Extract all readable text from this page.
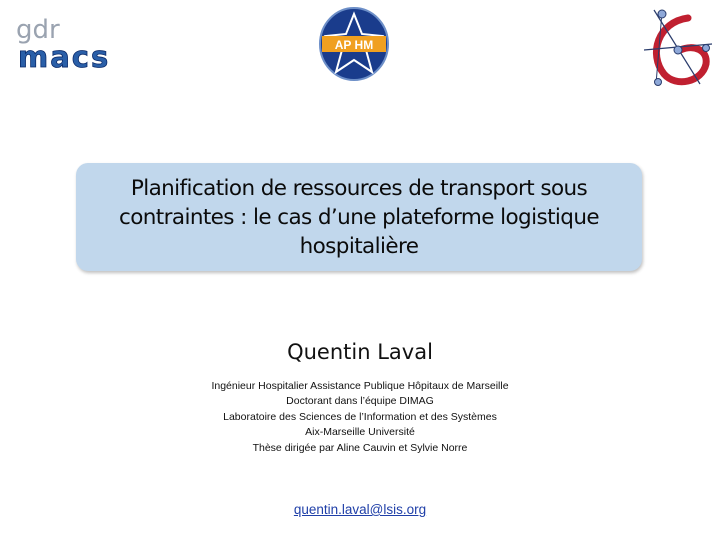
gdr
macs	AP HM

Planification de ressources de transport sous
contraintes : le cas d’une plateforme logistique
hospitalière

Quentin Laval
Ingénieur Hospitalier Assistance Publique Hôpitaux de Marseille
Doctorant dans l’équipe DIMAG
Laboratoire des Sciences de l’Information et des Systèmes
Aix-Marseille Université
Thèse dirigée par Aline Cauvin et Sylvie Norre
quentin.laval@lsis.org
